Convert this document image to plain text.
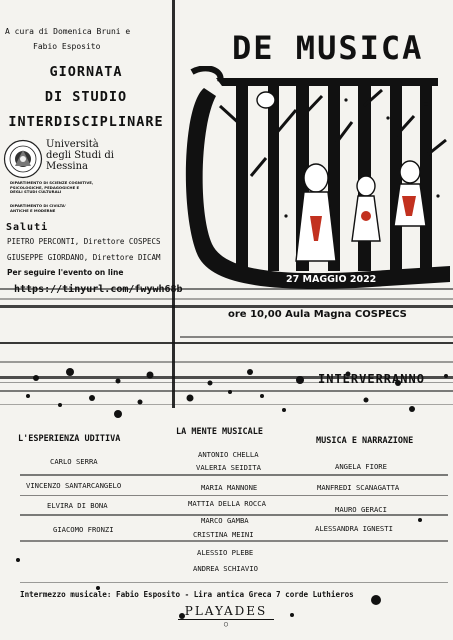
A cura di Domenica Bruni e
Fabio Esposito
GIORNATA
DI STUDIO
INTERDISCIPLINARE
Università
degli Studi di
Messina
DIPARTIMENTO DI SCIENZE COGNITIVE,
PSICOLOGICHE, PEDAGOGICHE E
DEGLI STUDI CULTURALI
DIPARTIMENTO DI CIVILTA'
ANTICHE E MODERNE
Saluti
PIETRO PERCONTI, Direttore COSPECS
GIUSEPPE GIORDANO, Direttore DICAM
Per seguire l'evento on line
https://tinyurl.com/fwywh68b
DE MUSICA
27 MAGGIO 2022
ore 10,00 Aula Magna COSPECS
INTERVERRANNO
L'ESPERIENZA UDITIVA
CARLO SERRA
VINCENZO SANTARCANGELO
ELVIRA DI BONA
GIACOMO FRONZI
LA MENTE MUSICALE
ANTONIO CHELLA
VALERIA SEIDITA
MARIA MANNONE
MATTIA DELLA ROCCA
MARCO GAMBA
CRISTINA MEINI
ALESSIO PLEBE
ANDREA SCHIAVIO
MUSICA E NARRAZIONE
ANGELA FIORE
MANFREDI SCANAGATTA
MAURO GERACI
ALESSANDRA IGNESTI
Intermezzo musicale: Fabio Esposito - Lira antica Greca 7 corde Luthieros
PLAYADES
○
